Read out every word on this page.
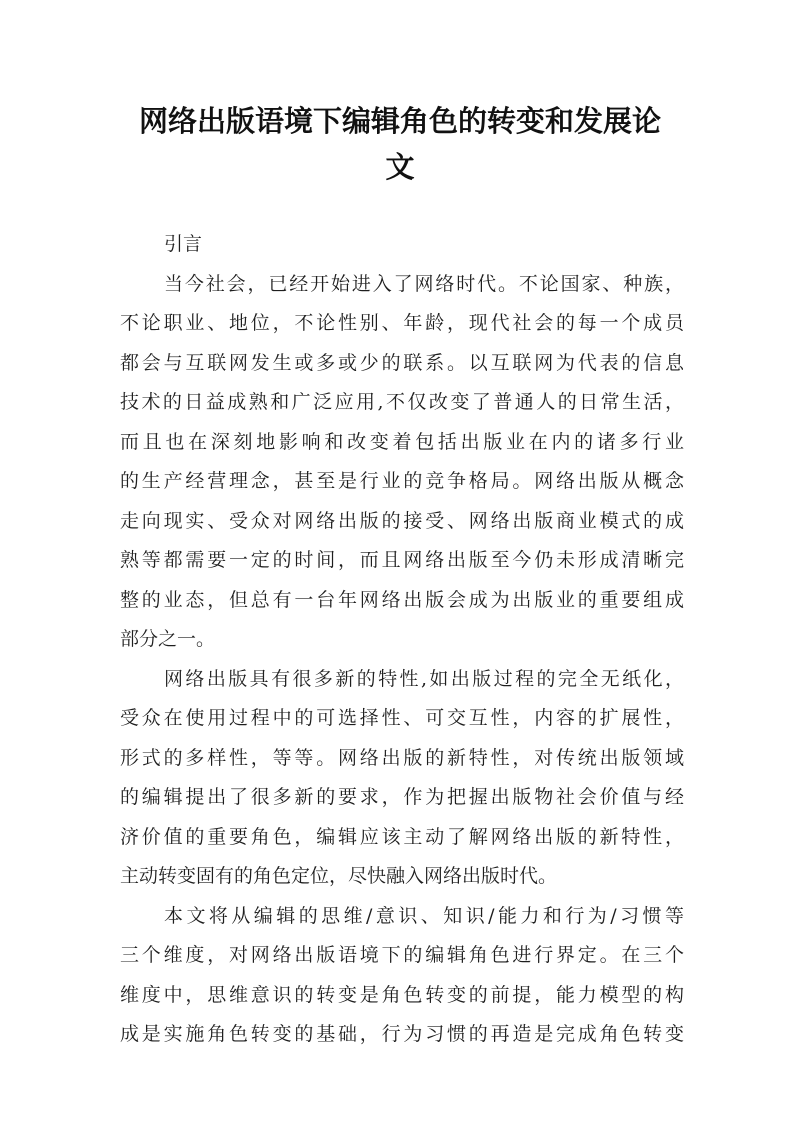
网络出版语境下编辑角色的转变和发展论
文
引言
当今社会，已经开始进入了网络时代。不论国家、种族，
不论职业、地位，不论性别、年龄，现代社会的每一个成员
都会与互联网发生或多或少的联系。以互联网为代表的信息
技术的日益成熟和广泛应用,不仅改变了普通人的日常生活，
而且也在深刻地影响和改变着包括出版业在内的诸多行业
的生产经营理念，甚至是行业的竞争格局。网络出版从概念
走向现实、受众对网络出版的接受、网络出版商业模式的成
熟等都需要一定的时间，而且网络出版至今仍未形成清晰完
整的业态，但总有一台年网络出版会成为出版业的重要组成
部分之一。
网络出版具有很多新的特性,如出版过程的完全无纸化，
受众在使用过程中的可选择性、可交互性，内容的扩展性，
形式的多样性，等等。网络出版的新特性，对传统出版领域
的编辑提出了很多新的要求，作为把握出版物社会价值与经
济价值的重要角色，编辑应该主动了解网络出版的新特性，
主动转变固有的角色定位，尽快融入网络出版时代。
本文将从编辑的思维/意识、知识/能力和行为/习惯等
三个维度，对网络出版语境下的编辑角色进行界定。在三个
维度中，思维意识的转变是角色转变的前提，能力模型的构
成是实施角色转变的基础，行为习惯的再造是完成角色转变
